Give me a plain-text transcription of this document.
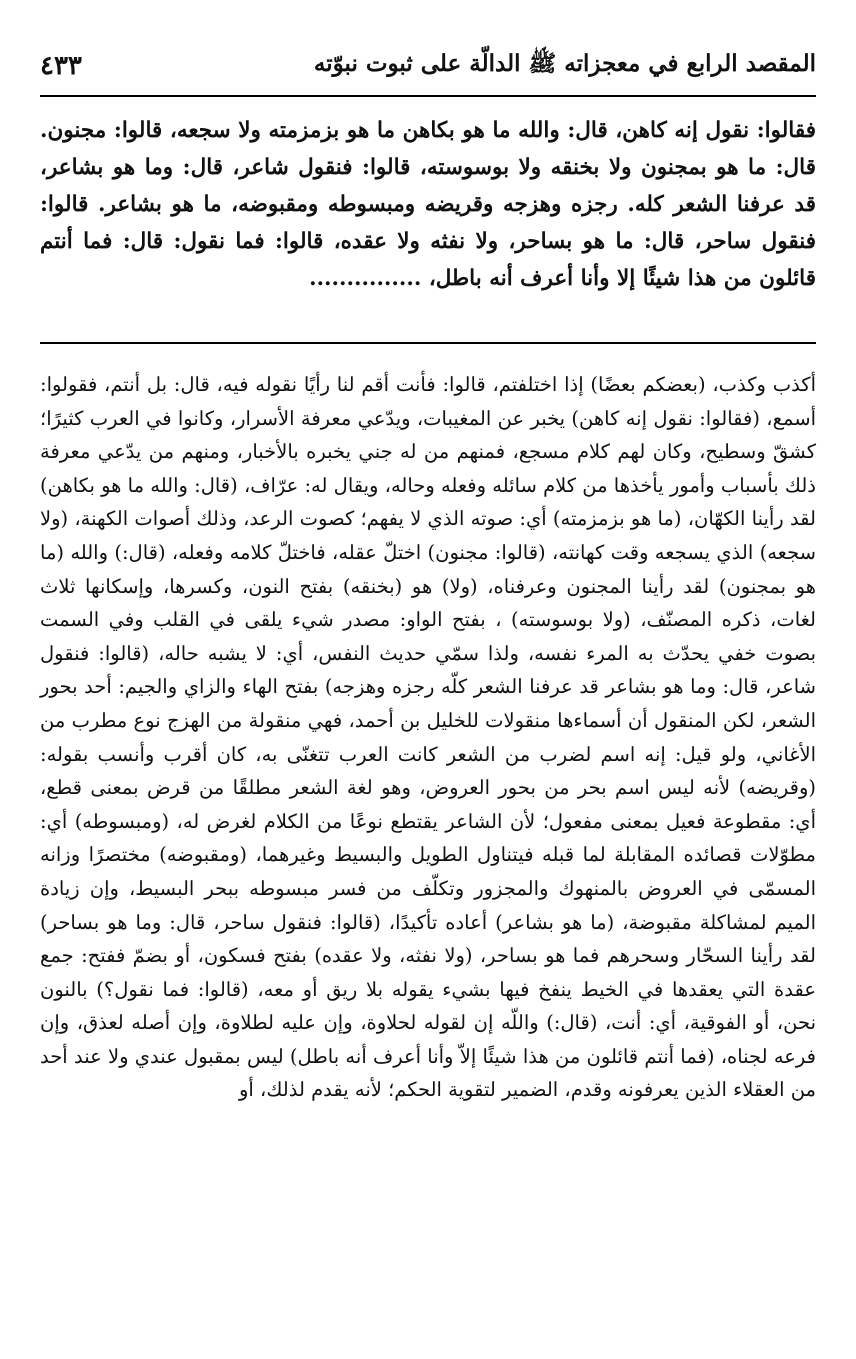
المقصد الرابع في معجزاته ﷺ الدالّة على ثبوت نبوّته
٤٣٣

فقالوا: نقول إنه كاهن، قال: والله ما هو بكاهن ما هو بزمزمته ولا سجعه، قالوا: مجنون. قال: ما هو بمجنون ولا بخنقه ولا بوسوسته، قالوا: فنقول شاعر، قال: وما هو بشاعر، قد عرفنا الشعر كله. رجزه وهزجه وقريضه ومبسوطه ومقبوضه، ما هو بشاعر. قالوا: فنقول ساحر، قال: ما هو بساحر، ولا نفثه ولا عقده، قالوا: فما نقول: قال: فما أنتم قائلون من هذا شيئًا إلا وأنا أعرف أنه باطل، ...............

أكذب وكذب، (بعضكم بعضًا) إذا اختلفتم، قالوا: فأنت أقم لنا رأيًا نقوله فيه، قال: بل أنتم، فقولوا: أسمع، (فقالوا: نقول إنه كاهن) يخبر عن المغيبات، ويدّعي معرفة الأسرار، وكانوا في العرب كثيرًا؛ كشقّ وسطيح، وكان لهم كلام مسجع، فمنهم من له جني يخبره بالأخبار، ومنهم من يدّعي معرفة ذلك بأسباب وأمور يأخذها من كلام سائله وفعله وحاله، ويقال له: عرّاف، (قال: والله ما هو بكاهن) لقد رأينا الكهّان، (ما هو بزمزمته) أي: صوته الذي لا يفهم؛ كصوت الرعد، وذلك أصوات الكهنة، (ولا سجعه) الذي يسجعه وقت كهانته، (قالوا: مجنون) اختلّ عقله، فاختلّ كلامه وفعله، (قال:) والله (ما هو بمجنون) لقد رأينا المجنون وعرفناه، (ولا) هو (بخنقه) بفتح النون، وكسرها، وإسكانها ثلاث لغات، ذكره المصنّف، (ولا بوسوسته) ، بفتح الواو: مصدر شيء يلقى في القلب وفي السمت بصوت خفي يحدّث به المرء نفسه، ولذا سمّي حديث النفس، أي: لا يشبه حاله، (قالوا: فنقول شاعر، قال: وما هو بشاعر قد عرفنا الشعر كلّه رجزه وهزجه) بفتح الهاء والزاي والجيم: أحد بحور الشعر، لكن المنقول أن أسماءها منقولات للخليل بن أحمد، فهي منقولة من الهزج نوع مطرب من الأغاني، ولو قيل: إنه اسم لضرب من الشعر كانت العرب تتغنّى به، كان أقرب وأنسب بقوله: (وقريضه) لأنه ليس اسم بحر من بحور العروض، وهو لغة الشعر مطلقًا من قرض بمعنى قطع، أي: مقطوعة فعيل بمعنى مفعول؛ لأن الشاعر يقتطع نوعًا من الكلام لغرض له، (ومبسوطه) أي: مطوّلات قصائده المقابلة لما قبله فيتناول الطويل والبسيط وغيرهما، (ومقبوضه) مختصرًا وزانه المسمّى في العروض بالمنهوك والمجزور وتكلّف من فسر مبسوطه ببحر البسيط، وإن زيادة الميم لمشاكلة مقبوضة، (ما هو بشاعر) أعاده تأكيدًا، (قالوا: فنقول ساحر، قال: وما هو بساحر) لقد رأينا السحّار وسحرهم فما هو بساحر، (ولا نفثه، ولا عقده) بفتح فسكون، أو بضمّ ففتح: جمع عقدة التي يعقدها في الخيط ينفخ فيها بشيء يقوله بلا ريق أو معه، (قالوا: فما نقول؟) بالنون نحن، أو الفوقية، أي: أنت، (قال:) واللّه إن لقوله لحلاوة، وإن عليه لطلاوة، وإن أصله لعذق، وإن فرعه لجناه، (فما أنتم قائلون من هذا شيئًا إلاّ وأنا أعرف أنه باطل) ليس بمقبول عندي ولا عند أحد من العقلاء الذين يعرفونه وقدم، الضمير لتقوية الحكم؛ لأنه يقدم لذلك، أو
